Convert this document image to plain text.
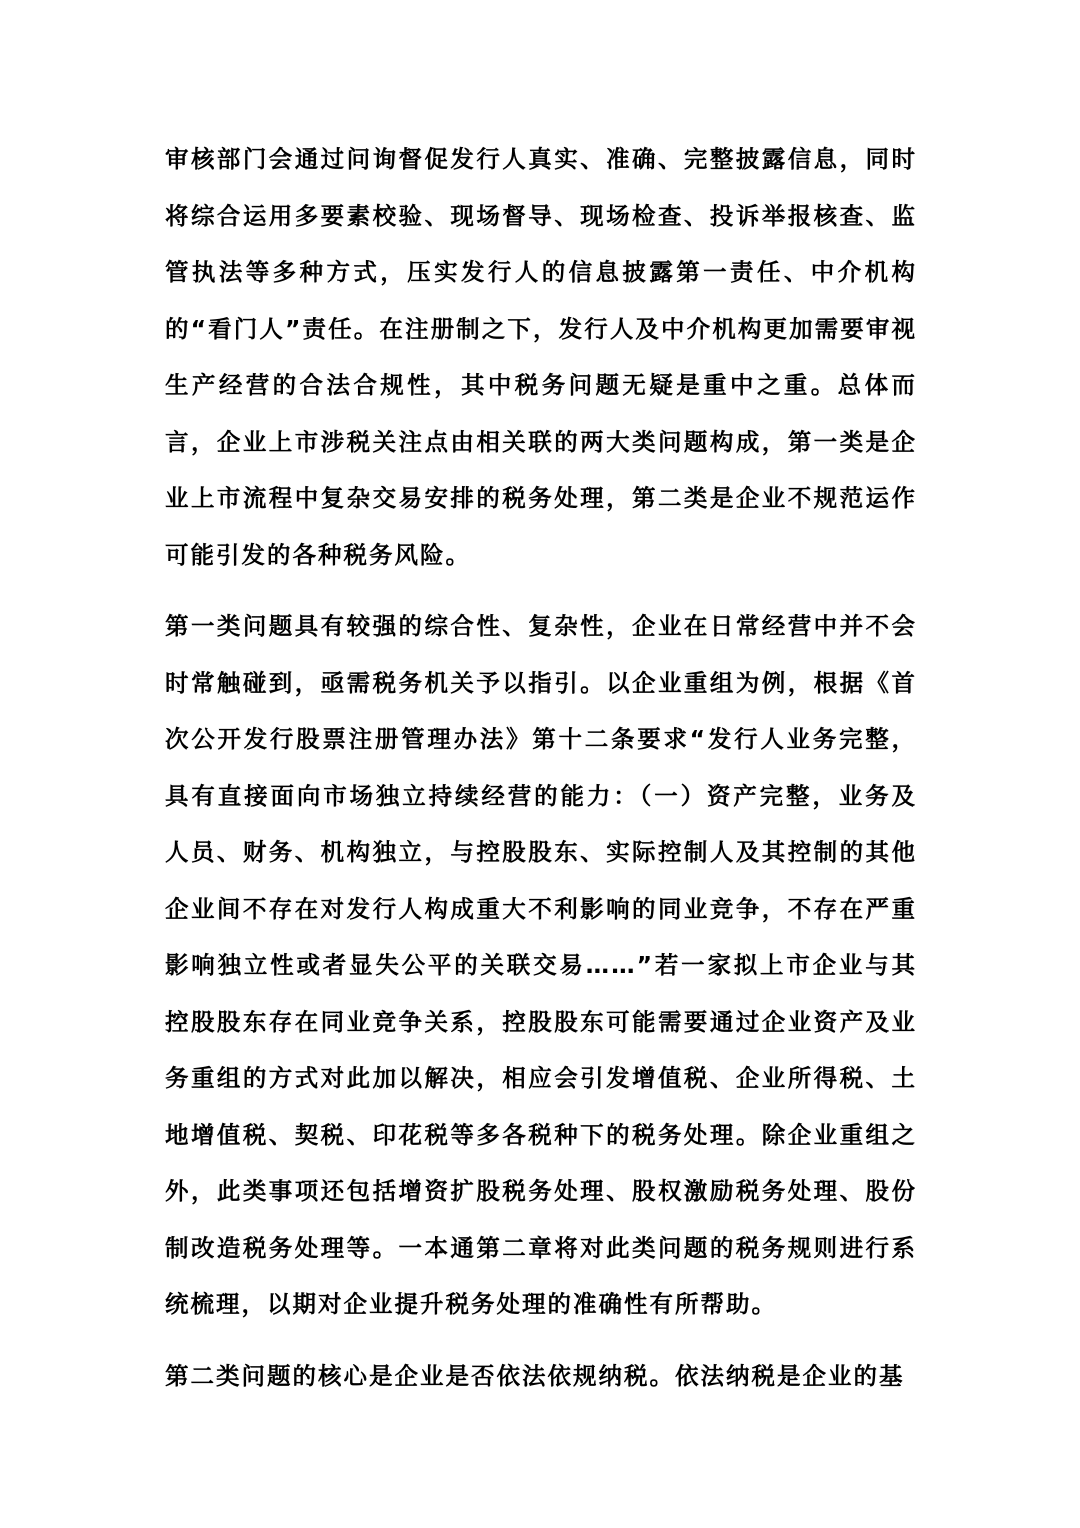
审核部门会通过问询督促发行人真实、准确、完整披露信息，同时将综合运用多要素校验、现场督导、现场检查、投诉举报核查、监管执法等多种方式，压实发行人的信息披露第一责任、中介机构的“看门人”责任。在注册制之下，发行人及中介机构更加需要审视生产经营的合法合规性，其中税务问题无疑是重中之重。总体而言，企业上市涉税关注点由相关联的两大类问题构成，第一类是企业上市流程中复杂交易安排的税务处理，第二类是企业不规范运作可能引发的各种税务风险。

第一类问题具有较强的综合性、复杂性，企业在日常经营中并不会时常触碰到，亟需税务机关予以指引。以企业重组为例，根据《首次公开发行股票注册管理办法》第十二条要求“发行人业务完整，具有直接面向市场独立持续经营的能力：（一）资产完整，业务及人员、财务、机构独立，与控股股东、实际控制人及其控制的其他企业间不存在对发行人构成重大不利影响的同业竞争，不存在严重影响独立性或者显失公平的关联交易……”若一家拟上市企业与其控股股东存在同业竞争关系，控股股东可能需要通过企业资产及业务重组的方式对此加以解决，相应会引发增值税、企业所得税、土地增值税、契税、印花税等多各税种下的税务处理。除企业重组之外，此类事项还包括增资扩股税务处理、股权激励税务处理、股份制改造税务处理等。一本通第二章将对此类问题的税务规则进行系统梳理，以期对企业提升税务处理的准确性有所帮助。

第二类问题的核心是企业是否依法依规纳税。依法纳税是企业的基
